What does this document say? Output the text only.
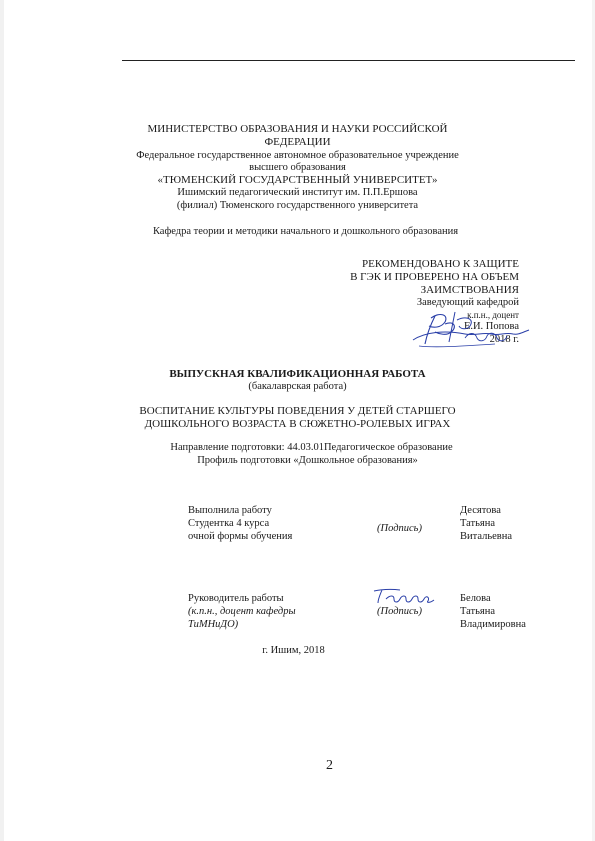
МИНИСТЕРСТВО ОБРАЗОВАНИЯ И НАУКИ РОССИЙСКОЙ
ФЕДЕРАЦИИ
Федеральное государственное автономное образовательное учреждение
высшего образования
«ТЮМЕНСКИЙ ГОСУДАРСТВЕННЫЙ УНИВЕРСИТЕТ»
Ишимский педагогический институт им. П.П.Ершова
(филиал) Тюменского государственного университета
Кафедра теории и методики начального и дошкольного образования
РЕКОМЕНДОВАНО К ЗАЩИТЕ
В ГЭК И ПРОВЕРЕНО НА ОБЪЕМ
ЗАИМСТВОВАНИЯ
Заведующий кафедрой
к.п.н., доцент
Е.И. Попова
2018 г.
ВЫПУСКНАЯ КВАЛИФИКАЦИОННАЯ РАБОТА
(бакалаврская работа)
ВОСПИТАНИЕ КУЛЬТУРЫ ПОВЕДЕНИЯ У ДЕТЕЙ СТАРШЕГО
ДОШКОЛЬНОГО ВОЗРАСТА В СЮЖЕТНО-РОЛЕВЫХ ИГРАХ
Направление подготовки: 44.03.01Педагогическое образование
Профиль подготовки «Дошкольное образования»
Выполнила работу
Студентка 4 курса
очной формы обучения
(Подпись)
Десятова
Татьяна
Витальевна
Руководитель работы
(к.п.н., доцент кафедры
ТиМНиДО)
(Подпись)
Белова
Татьяна
Владимировна
г. Ишим, 2018
2
